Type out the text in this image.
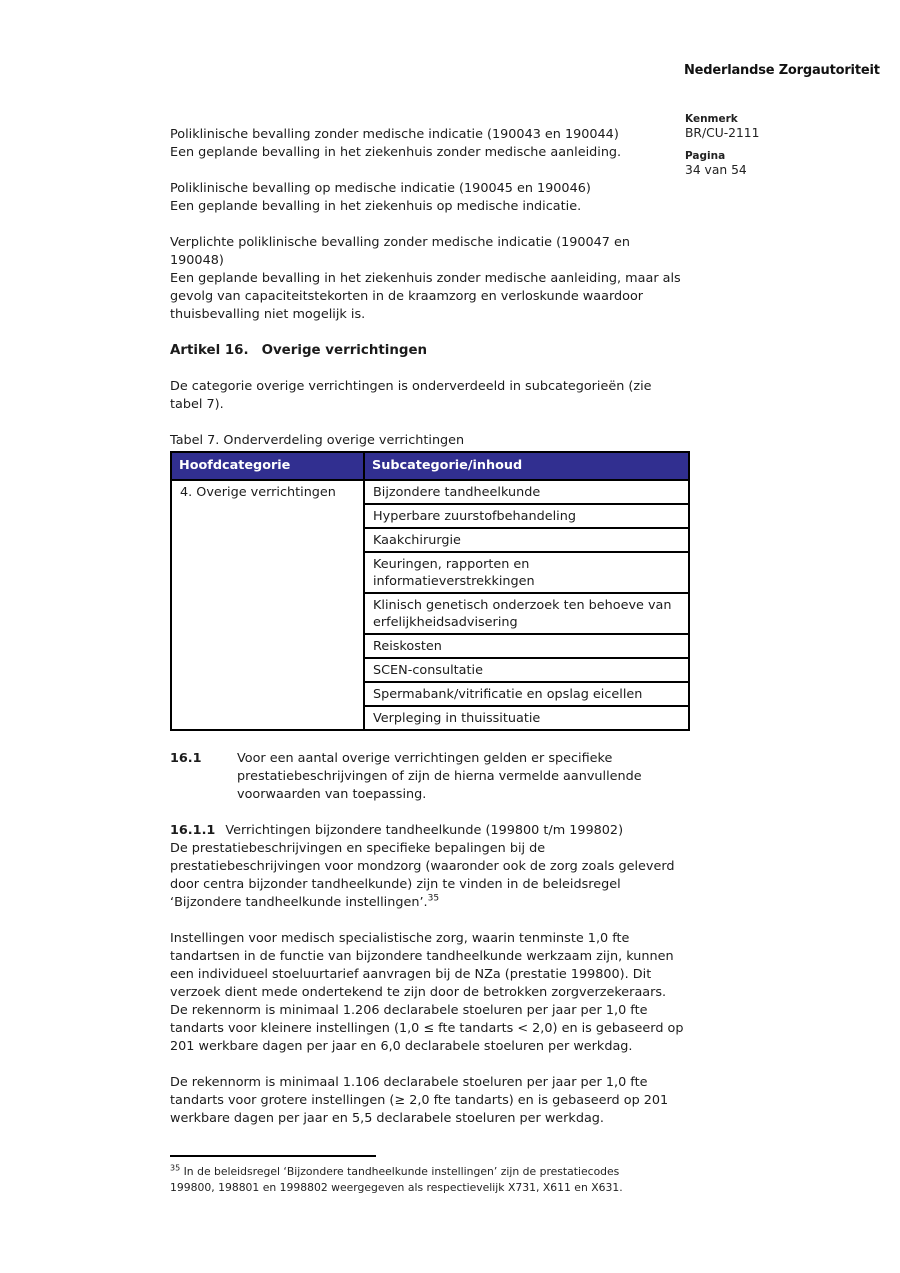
Nederlandse Zorgautoriteit
Kenmerk
BR/CU-2111
Pagina
34 van 54
Poliklinische bevalling zonder medische indicatie (190043 en 190044)
Een geplande bevalling in het ziekenhuis zonder medische aanleiding.
Poliklinische bevalling op medische indicatie (190045 en 190046)
Een geplande bevalling in het ziekenhuis op medische indicatie.
Verplichte poliklinische bevalling zonder medische indicatie (190047 en 190048)
Een geplande bevalling in het ziekenhuis zonder medische aanleiding, maar als gevolg van capaciteitstekorten in de kraamzorg en verloskunde waardoor thuisbevalling niet mogelijk is.
Artikel 16. Overige verrichtingen
De categorie overige verrichtingen is onderverdeeld in subcategorieën (zie tabel 7).
Tabel 7. Onderverdeling overige verrichtingen
Hoofdcategorie	Subcategorie/inhoud
4. Overige verrichtingen	Bijzondere tandheelkunde
	Hyperbare zuurstofbehandeling
	Kaakchirurgie
	Keuringen, rapporten en informatieverstrekkingen
	Klinisch genetisch onderzoek ten behoeve van erfelijkheidsadvisering
	Reiskosten
	SCEN-consultatie
	Spermabank/vitrificatie en opslag eicellen
	Verpleging in thuissituatie
16.1	Voor een aantal overige verrichtingen gelden er specifieke prestatiebeschrijvingen of zijn de hierna vermelde aanvullende voorwaarden van toepassing.
16.1.1 Verrichtingen bijzondere tandheelkunde (199800 t/m 199802)
De prestatiebeschrijvingen en specifieke bepalingen bij de prestatiebeschrijvingen voor mondzorg (waaronder ook de zorg zoals geleverd door centra bijzonder tandheelkunde) zijn te vinden in de beleidsregel ‘Bijzondere tandheelkunde instellingen’.$^{35}$
Instellingen voor medisch specialistische zorg, waarin tenminste 1,0 fte tandartsen in de functie van bijzondere tandheelkunde werkzaam zijn, kunnen een individueel stoeluurtarief aanvragen bij de NZa (prestatie 199800). Dit verzoek dient mede ondertekend te zijn door de betrokken zorgverzekeraars. De rekennorm is minimaal 1.206 declarabele stoeluren per jaar per 1,0 fte tandarts voor kleinere instellingen (1,0 ≤ fte tandarts < 2,0) en is gebaseerd op 201 werkbare dagen per jaar en 6,0 declarabele stoeluren per werkdag.
De rekennorm is minimaal 1.106 declarabele stoeluren per jaar per 1,0 fte tandarts voor grotere instellingen (≥ 2,0 fte tandarts) en is gebaseerd op 201 werkbare dagen per jaar en 5,5 declarabele stoeluren per werkdag.
$^{35}$ In de beleidsregel ‘Bijzondere tandheelkunde instellingen’ zijn de prestatiecodes 199800, 198801 en 1998802 weergegeven als respectievelijk X731, X611 en X631.
